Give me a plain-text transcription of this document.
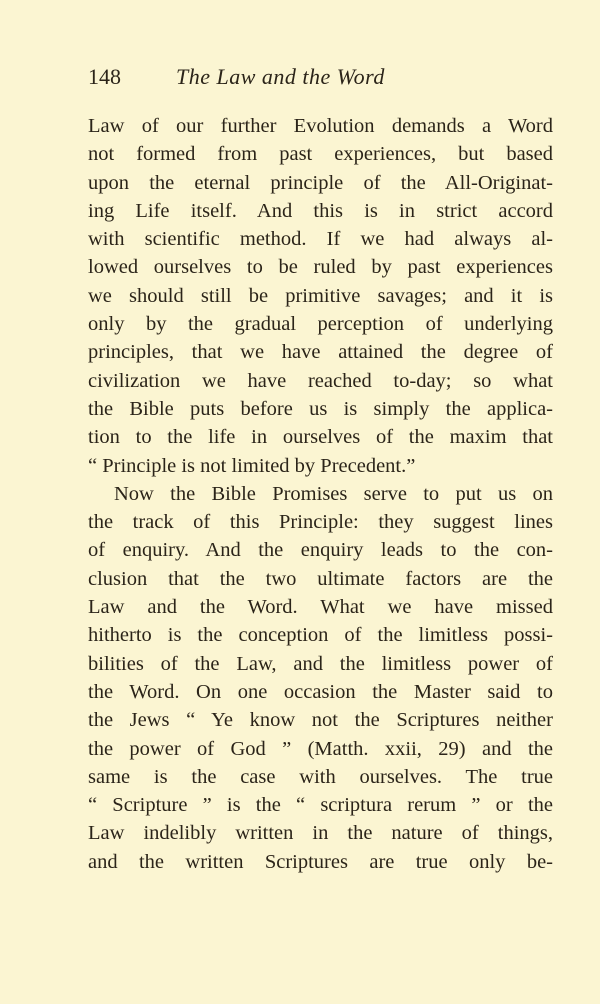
148	The Law and the Word
Law of our further Evolution demands a Word
not formed from past experiences, but based
upon the eternal principle of the All-Originat-
ing Life itself. And this is in strict accord
with scientific method. If we had always al-
lowed ourselves to be ruled by past experiences
we should still be primitive savages; and it is
only by the gradual perception of underlying
principles, that we have attained the degree of
civilization we have reached to-day; so what
the Bible puts before us is simply the applica-
tion to the life in ourselves of the maxim that
“ Principle is not limited by Precedent.”
Now the Bible Promises serve to put us on
the track of this Principle: they suggest lines
of enquiry. And the enquiry leads to the con-
clusion that the two ultimate factors are the
Law and the Word. What we have missed
hitherto is the conception of the limitless possi-
bilities of the Law, and the limitless power of
the Word. On one occasion the Master said to
the Jews “ Ye know not the Scriptures neither
the power of God ” (Matth. xxii, 29) and the
same is the case with ourselves. The true
“ Scripture ” is the “ scriptura rerum ” or the
Law indelibly written in the nature of things,
and the written Scriptures are true only be-
